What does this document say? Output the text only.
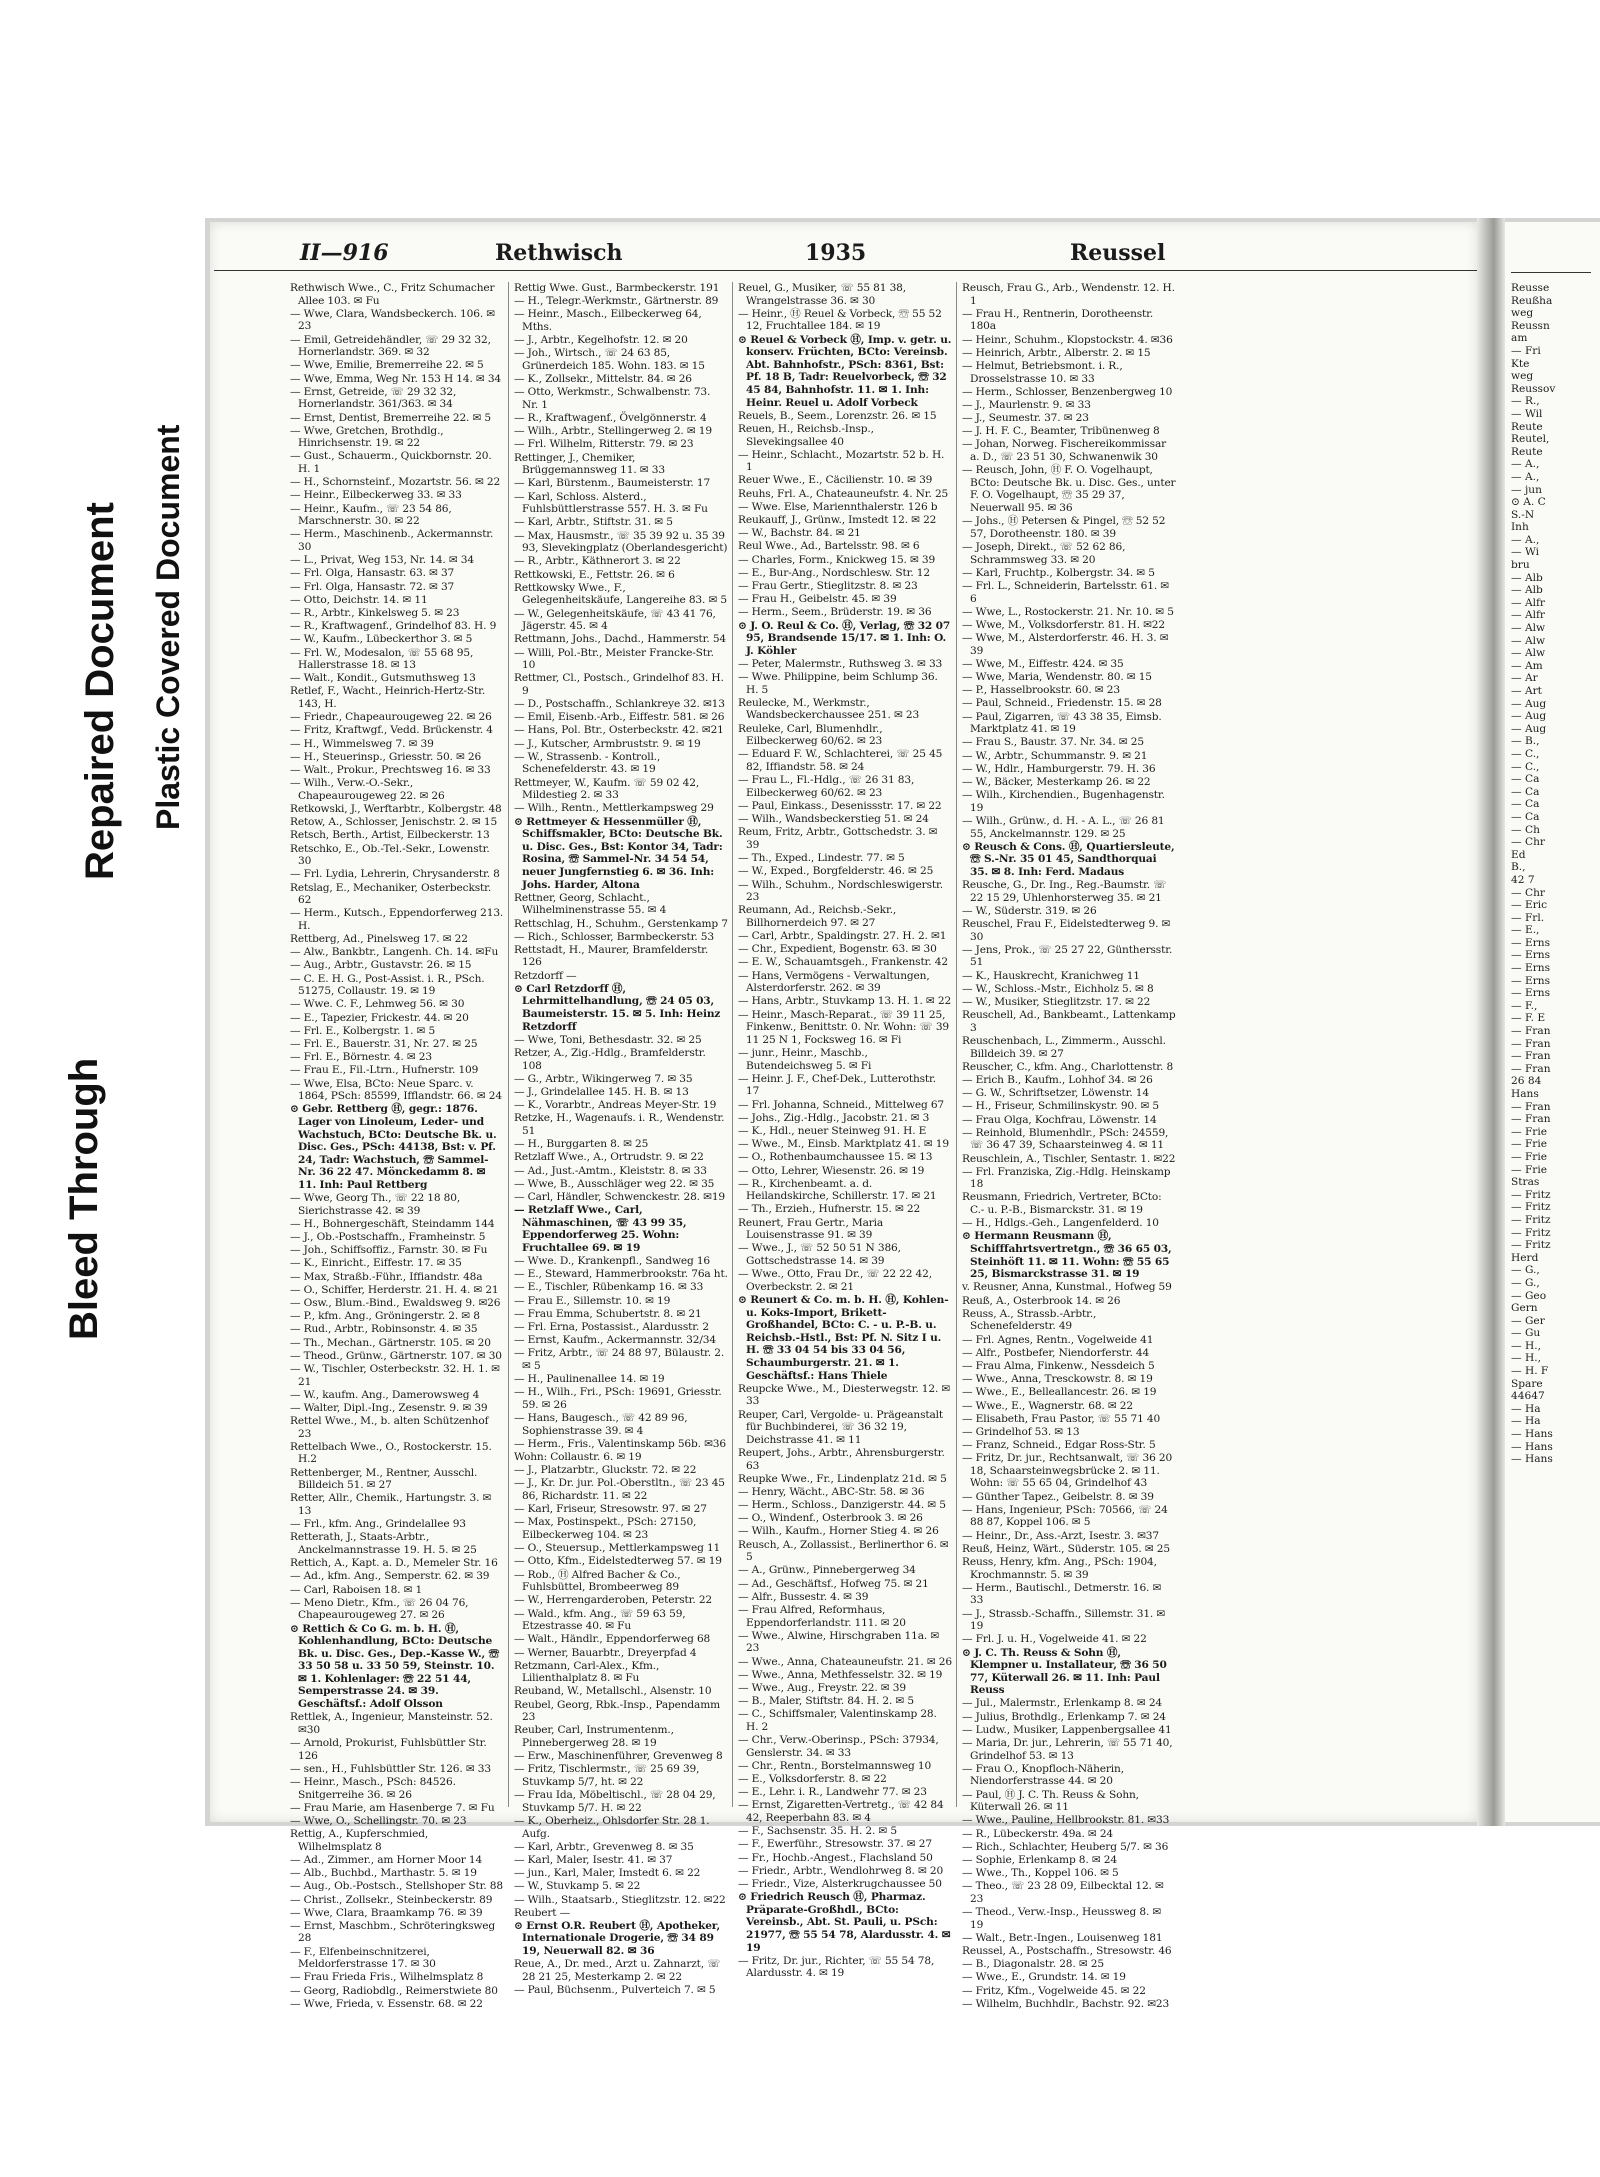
Bleed Through
Repaired Document Plastic Covered Document
II—916	Rethwisch	1935	Reussel
Rethwisch Wwe., C., Fritz Schumacher Allee 103. ✉ Fu
— Wwe, Clara, Wandsbeckerch. 106. ✉23
— Emil, Getreidehändler, ☏ 29 32 32, Hornerlandstr. 369. ✉ 32
— Wwe, Emilie, Bremerreihe 22. ✉ 5
— Wwe, Emma, Weg Nr. 153 H 14. ✉ 34
— Ernst, Getreide, ☏ 29 32 32, Hornerlandstr. 361/363. ✉ 34
— Ernst, Dentist, Bremerreihe 22. ✉ 5
— Wwe, Gretchen, Brothdlg., Hinrichsenstr. 19. ✉ 22
— Gust., Schauerm., Quickbornstr. 20. H. 1
— H., Schornsteinf., Mozartstr. 56. ✉ 22
— Heinr., Eilbeckerweg 33. ✉ 33
— Heinr., Kaufm., ☏ 23 54 86, Marschnerstr. 30. ✉ 22
— Herm., Maschinenb., Ackermannstr. 30
— L., Privat, Weg 153, Nr. 14. ✉ 34
— Frl. Olga, Hansastr. 63. ✉ 37
— Frl. Olga, Hansastr. 72. ✉ 37
— Otto, Deichstr. 14. ✉ 11
— R., Arbtr., Kinkelsweg 5. ✉ 23
— R., Kraftwagenf., Grindelhof 83. H. 9
— W., Kaufm., Lübeckerthor 3. ✉ 5
— Frl. W., Modesalon, ☏ 55 68 95, Hallerstrasse 18. ✉ 13
— Walt., Kondit., Gutsmuthsweg 13
Retlef, F., Wacht., Heinrich-Hertz-Str. 143, H.
— Friedr., Chapeaurougeweg 22. ✉ 26
— Fritz, Kraftwgf., Vedd. Brückenstr. 4
— H., Wimmelsweg 7. ✉ 39
— H., Steuerinsp., Griesstr. 50. ✉ 26
— Walt., Prokur., Prechtsweg 16. ✉ 33
— Wilh., Verw.-O.-Sekr., Chapeaurougeweg 22. ✉ 26
Retkowski, J., Werftarbtr., Kolbergstr. 48
Retow, A., Schlosser, Jenischstr. 2. ✉ 15
Retsch, Berth., Artist, Eilbeckerstr. 13
Retschko, E., Ob.-Tel.-Sekr., Lowenstr. 30
— Frl. Lydia, Lehrerin, Chrysanderstr. 8
Retslag, E., Mechaniker, Osterbeckstr. 62
— Herm., Kutsch., Eppendorferweg 213. H.
Rettberg, Ad., Pinelsweg 17. ✉ 22
— Alw., Bankbtr., Langenh. Ch. 14. ✉Fu
— Aug., Arbtr., Gustavstr. 26. ✉ 15
— C. E. H. G., Post-Assist. i. R., PSch. 51275, Collaustr. 19. ✉ 19
— Wwe. C. F., Lehmweg 56. ✉ 30
— E., Tapezier, Frickestr. 44. ✉ 20
— Frl. E., Kolbergstr. 1. ✉ 5
— Frl. E., Bauerstr. 31, Nr. 27. ✉ 25
— Frl. E., Börnestr. 4. ✉ 23
— Frau E., Fil.-Ltrn., Hufnerstr. 109
— Wwe, Elsa, BCto: Neue Sparc. v. 1864, PSch: 85599, Ifflandstr. 66. ✉ 24
⊙ Gebr. Rettberg Ⓗ, gegr.: 1876. Lager von Linoleum, Leder- und Wachstuch, BCto: Deutsche Bk. u. Disc. Ges., PSch: 44138, Bst: v. Pf. 24, Tadr: Wachstuch, ☏ Sammel-Nr. 36 22 47. Mönckedamm 8. ✉ 11. Inh: Paul Rettberg
— Wwe, Georg Th., ☏ 22 18 80, Sierichstrasse 42. ✉ 39
— H., Bohnergeschäft, Steindamm 144
— J., Ob.-Postschaffn., Framheinstr. 5
— Joh., Schiffsoffiz., Farnstr. 30. ✉ Fu
— K., Einricht., Eiffestr. 17. ✉ 35
— Max, Straßb.-Führ., Iffiandstr. 48a
— O., Schiffer, Herderstr. 21. H. 4. ✉ 21
— Osw., Blum.-Bind., Ewaldsweg 9. ✉26
— P., kfm. Ang., Gröningerstr. 2. ✉ 8
— Rud., Arbtr., Robinsonstr. 4. ✉ 35
— Th., Mechan., Gärtnerstr. 105. ✉ 20
— Theod., Grünw., Gärtnerstr. 107. ✉ 30
— W., Tischler, Osterbeckstr. 32. H. 1. ✉21
— W., kaufm. Ang., Damerowsweg 4
— Walter, Dipl.-Ing., Zesenstr. 9. ✉ 39
Rettel Wwe., M., b. alten Schützenhof 23
Rettelbach Wwe., O., Rostockerstr. 15. H.2
Rettenberger, M., Rentner, Ausschl. Billdeich 51. ✉ 27
Retter, Allr., Chemik., Hartungstr. 3. ✉13
— Frl., kfm. Ang., Grindelallee 93
Retterath, J., Staats-Arbtr., Anckelmannstrasse 19. H. 5. ✉ 25
Rettich, A., Kapt. a. D., Memeler Str. 16
— Ad., kfm. Ang., Semperstr. 62. ✉ 39
— Carl, Raboisen 18. ✉ 1
— Meno Dietr., Kfm., ☏ 26 04 76, Chapeaurougeweg 27. ✉ 26
⊙ Rettich & Co G. m. b. H. Ⓗ, Kohlenhandlung, BCto: Deutsche Bk. u. Disc. Ges., Dep.-Kasse W., ☏ 33 50 58 u. 33 50 59, Steinstr. 10. ✉ 1. Kohlenlager: ☏ 22 51 44, Semperstrasse 24. ✉ 39. Geschäftsf.: Adolf Olsson
Rettlek, A., Ingenieur, Mansteinstr. 52. ✉30
— Arnold, Prokurist, Fuhlsbüttler Str. 126
— sen., H., Fuhlsbüttler Str. 126. ✉ 33
— Heinr., Masch., PSch: 84526. Snitgerreihe 36. ✉ 26
— Frau Marie, am Hasenberge 7. ✉ Fu
— Wwe, O., Schellingstr. 70. ✉ 23
Rettig, A., Kupferschmied, Wilhelmsplatz 8
— Ad., Zimmer., am Horner Moor 14
— Alb., Buchbd., Marthastr. 5. ✉ 19
— Aug., Ob.-Postsch., Stellshoper Str. 88
— Christ., Zollsekr., Steinbeckerstr. 89
— Wwe, Clara, Braamkamp 76. ✉ 39
— Ernst, Maschbm., Schröteringksweg 28
— F., Elfenbeinschnitzerei, Meldorferstrasse 17. ✉ 30
— Frau Frieda Fris., Wilhelmsplatz 8
— Georg, Radiobdlg., Reimerstwiete 80
— Wwe, Frieda, v. Essenstr. 68. ✉ 22
Rettig Wwe. Gust., Barmbeckerstr. 191
— H., Telegr.-Werkmstr., Gärtnerstr. 89
— Heinr., Masch., Eilbeckerweg 64, Mths.
— J., Arbtr., Kegelhofstr. 12. ✉ 20
— Joh., Wirtsch., ☏ 24 63 85, Grünerdeich 185. Wohn. 183. ✉ 15
— K., Zollsekr., Mittelstr. 84. ✉ 26
— Otto, Werkmstr., Schwalbenstr. 73. Nr. 1
— R., Kraftwagenf., Övelgönnerstr. 4
— Wilh., Arbtr., Stellingerweg 2. ✉ 19
— Frl. Wilhelm, Ritterstr. 79. ✉ 23
Rettinger, J., Chemiker, Brüggemannsweg 11. ✉ 33
— Karl, Bürstenm., Baumeisterstr. 17
— Karl, Schloss. Alsterd., Fuhlsbüttlerstrasse 557. H. 3. ✉ Fu
— Karl, Arbtr., Stiftstr. 31. ✉ 5
— Max, Hausmstr., ☏ 35 39 92 u. 35 39 93, Slevekingplatz (Oberlandesgericht)
— R., Arbtr., Käthnerort 3. ✉ 22
Rettkowski, E., Fettstr. 26. ✉ 6
Rettkowsky Wwe., F., Gelegenheitskäufe, Langereihe 83. ✉ 5
— W., Gelegenheitskäufe, ☏ 43 41 76, Jägerstr. 45. ✉ 4
Rettmann, Johs., Dachd., Hammerstr. 54
— Willi, Pol.-Btr., Meister Francke-Str. 10
Rettmer, Cl., Postsch., Grindelhof 83. H. 9
— D., Postschaffn., Schlankreye 32. ✉13
— Emil, Eisenb.-Arb., Eiffestr. 581. ✉ 26
— Hans, Pol. Btr., Osterbeckstr. 42. ✉21
— J., Kutscher, Armbruststr. 9. ✉ 19
— W., Strassenb. - Kontroll., Schenefelderstr. 43. ✉ 19
Rettmeyer, W., Kaufm. ☏ 59 02 42, Mildestieg 2. ✉ 33
— Wilh., Rentn., Mettlerkampsweg 29
⊙ Rettmeyer & Hessenmüller Ⓗ, Schiffsmakler, BCto: Deutsche Bk. u. Disc. Ges., Bst: Kontor 34, Tadr: Rosina, ☏ Sammel-Nr. 34 54 54, neuer Jungfernstieg 6. ✉ 36. Inh: Johs. Harder, Altona
Rettner, Georg, Schlacht., Wilhelminenstrasse 55. ✉ 4
Rettschlag, H., Schuhm., Gerstenkamp 7
— Rich., Schlosser, Barmbeckerstr. 53
Rettstadt, H., Maurer, Bramfelderstr. 126
Retzdorff —
⊙ Carl Retzdorff Ⓗ, Lehrmittelhandlung, ☏ 24 05 03, Baumeisterstr. 15. ✉ 5. Inh: Heinz Retzdorff
— Wwe, Toni, Bethesdastr. 32. ✉ 25
Retzer, A., Zig.-Hdlg., Bramfelderstr. 108
— G., Arbtr., Wikingerweg 7. ✉ 35
— J., Grindelallee 145. H. B. ✉ 13
— K., Vorarbtr., Andreas Meyer-Str. 19
Retzke, H., Wagenaufs. i. R., Wendenstr. 51
— H., Burggarten 8. ✉ 25
Retzlaff Wwe., A., Ortrudstr. 9. ✉ 22
— Ad., Just.-Amtm., Kleiststr. 8. ✉ 33
— Wwe, B., Ausschläger weg 22. ✉ 35
— Carl, Händler, Schwenckestr. 28. ✉19
— Retzlaff Wwe., Carl, Nähmaschinen, ☏ 43 99 35, Eppendorferweg 25. Wohn: Fruchtallee 69. ✉ 19
— Wwe. D., Krankenpfl., Sandweg 16
— E., Steward, Hammerbrookstr. 76a ht.
— E., Tischler, Rübenkamp 16. ✉ 33
— Frau E., Sillemstr. 10. ✉ 19
— Frau Emma, Schubertstr. 8. ✉ 21
— Frl. Erna, Postassist., Alardusstr. 2
— Ernst, Kaufm., Ackermannstr. 32/34
— Fritz, Arbtr., ☏ 24 88 97, Bülaustr. 2. ✉ 5
— H., Paulinenallee 14. ✉ 19
— H., Wilh., Fri., PSch: 19691, Griesstr. 59. ✉ 26
— Hans, Baugesch., ☏ 42 89 96, Sophienstrasse 39. ✉ 4
— Herm., Fris., Valentinskamp 56b. ✉36
Wohn: Collaustr. 6. ✉ 19
— J., Platzarbtr., Gluckstr. 72. ✉ 22
— J., Kr. Dr. jur. Pol.-Oberstltn., ☏ 23 45 86, Richardstr. 11. ✉ 22
— Karl, Friseur, Stresowstr. 97. ✉ 27
— Max, Postinspekt., PSch: 27150, Eilbeckerweg 104. ✉ 23
— O., Steuersup., Mettlerkampsweg 11
— Otto, Kfm., Eidelstedterweg 57. ✉ 19
— Rob., Ⓗ Alfred Bacher & Co., Fuhlsbüttel, Brombeerweg 89
— W., Herrengarderoben, Peterstr. 22
— Wald., kfm. Ang., ☏ 59 63 59, Etzestrasse 40. ✉ Fu
— Walt., Händlr., Eppendorferweg 68
— Werner, Bauarbtr., Dreyerpfad 4
Retzmann, Carl-Alex., Kfm., Lilienthalplatz 8. ✉ Fu
Reuband, W., Metallschl., Alsenstr. 10
Reubel, Georg, Rbk.-Insp., Papendamm 23
Reuber, Carl, Instrumentenm., Pinnebergerweg 28. ✉ 19
— Erw., Maschinenführer, Grevenweg 8
— Fritz, Tischlermstr., ☏ 25 69 39, Stuvkamp 5/7, ht. ✉ 22
— Frau Ida, Möbeltischl., ☏ 28 04 29, Stuvkamp 5/7. H. ✉ 22
— K., Oberheiz., Ohlsdorfer Str. 28 1. Aufg.
— Karl, Arbtr., Grevenweg 8. ✉ 35
— Karl, Maler, Isestr. 41. ✉ 37
— jun., Karl, Maler, Imstedt 6. ✉ 22
— W., Stuvkamp 5. ✉ 22
— Wilh., Staatsarb., Stieglitzstr. 12. ✉22
Reubert —
⊙ Ernst O.R. Reubert Ⓗ, Apotheker, Internationale Drogerie, ☏ 34 89 19, Neuerwall 82. ✉ 36
Reue, A., Dr. med., Arzt u. Zahnarzt, ☏ 28 21 25, Mesterkamp 2. ✉ 22
— Paul, Büchsenm., Pulverteich 7. ✉ 5
Reuel, G., Musiker, ☏ 55 81 38, Wrangelstrasse 36. ✉ 30
— Heinr., Ⓗ Reuel & Vorbeck, ☏ 55 52 12, Fruchtallee 184. ✉ 19
⊙ Reuel & Vorbeck Ⓗ, Imp. v. getr. u. konserv. Früchten, BCto: Vereinsb. Abt. Bahnhofstr., PSch: 8361, Bst: Pf. 18 B, Tadr: Reuelvorbeck, ☏ 32 45 84, Bahnhofstr. 11. ✉ 1. Inh: Heinr. Reuel u. Adolf Vorbeck
Reuels, B., Seem., Lorenzstr. 26. ✉ 15
Reuen, H., Reichsb.-Insp., Slevekingsallee 40
— Heinr., Schlacht., Mozartstr. 52 b. H. 1
Reuer Wwe., E., Cäcilienstr. 10. ✉ 39
Reuhs, Frl. A., Chateauneufstr. 4. Nr. 25
— Wwe. Else, Mariennthalerstr. 126 b
Reukauff, J., Grünw., Imstedt 12. ✉ 22
— W., Bachstr. 84. ✉ 21
Reul Wwe., Ad., Bartelsstr. 98. ✉ 6
— Charles, Form., Knickweg 15. ✉ 39
— E., Bur-Ang., Nordschlesw. Str. 12
— Frau Gertr., Stieglitzstr. 8. ✉ 23
— Frau H., Geibelstr. 45. ✉ 39
— Herm., Seem., Brüderstr. 19. ✉ 36
⊙ J. O. Reul & Co. Ⓗ, Verlag, ☏ 32 07 95, Brandsende 15/17. ✉ 1. Inh: O. J. Köhler
— Peter, Malermstr., Ruthsweg 3. ✉ 33
— Wwe. Philippine, beim Schlump 36. H. 5
Reulecke, M., Werkmstr., Wandsbeckerchaussee 251. ✉ 23
Reuleke, Carl, Blumenhdlr., Eilbeckerweg 60/62. ✉ 23
— Eduard F. W., Schlachterei, ☏ 25 45 82, Iffiandstr. 58. ✉ 24
— Frau L., Fl.-Hdlg., ☏ 26 31 83, Eilbeckerweg 60/62. ✉ 23
— Paul, Einkass., Desenissstr. 17. ✉ 22
— Wilh., Wandsbeckerstieg 51. ✉ 24
Reum, Fritz, Arbtr., Gottschedstr. 3. ✉ 39
— Th., Exped., Lindestr. 77. ✉ 5
— W., Exped., Borgfelderstr. 46. ✉ 25
— Wilh., Schuhm., Nordschleswigerstr. 23
Reumann, Ad., Reichsb.-Sekr., Billhornerdeich 97. ✉ 27
— Carl, Arbtr., Spaldingstr. 27. H. 2. ✉1
— Chr., Expedient, Bogenstr. 63. ✉ 30
— E. W., Schauamtsgeh., Frankenstr. 42
— Hans, Vermögens - Verwaltungen, Alsterdorferstr. 262. ✉ 39
— Hans, Arbtr., Stuvkamp 13. H. 1. ✉ 22
— Heinr., Masch-Reparat., ☏ 39 11 25, Finkenw., Benittstr. 0. Nr. Wohn: ☏ 39 11 25 N 1, Focksweg 16. ✉ Fi
— junr., Heinr., Maschb., Butendeichsweg 5. ✉ Fi
— Heinr. J. F., Chef-Dek., Lutterothstr. 17
— Frl. Johanna, Schneid., Mittelweg 67
— Johs., Zig.-Hdlg., Jacobstr. 21. ✉ 3
— K., Hdl., neuer Steinweg 91. H. E
— Wwe., M., Einsb. Marktplatz 41. ✉ 19
— O., Rothenbaumchaussee 15. ✉ 13
— Otto, Lehrer, Wiesenstr. 26. ✉ 19
— R., Kirchenbeamt. a. d. Heilandskirche, Schillerstr. 17. ✉ 21
— Th., Erzieh., Hufnerstr. 15. ✉ 22
Reunert, Frau Gertr., Maria Louisenstrasse 91. ✉ 39
— Wwe., J., ☏ 52 50 51 N 386, Gottschedstrasse 14. ✉ 39
— Wwe., Otto, Frau Dr., ☏ 22 22 42, Overbeckstr. 2. ✉ 21
⊙ Reunert & Co. m. b. H. Ⓗ, Kohlen- u. Koks-Import, Brikett-Großhandel, BCto: C. - u. P.-B. u. Reichsb.-Hstl., Bst: Pf. N. Sitz I u. H. ☏ 33 04 54 bis 33 04 56, Schaumburgerstr. 21. ✉ 1. Geschäftsf.: Hans Thiele
Reupcke Wwe., M., Diesterwegstr. 12. ✉ 33
Reuper, Carl, Vergolde- u. Prägeanstalt für Buchbinderei, ☏ 36 32 19, Deichstrasse 41. ✉ 11
Reupert, Johs., Arbtr., Ahrensburgerstr. 63
Reupke Wwe., Fr., Lindenplatz 21d. ✉ 5
— Henry, Wächt., ABC-Str. 58. ✉ 36
— Herm., Schloss., Danzigerstr. 44. ✉ 5
— O., Windenf., Osterbrook 3. ✉ 26
— Wilh., Kaufm., Horner Stieg 4. ✉ 26
Reusch, A., Zollassist., Berlinerthor 6. ✉ 5
— A., Grünw., Pinnebergerweg 34
— Ad., Geschäftsf., Hofweg 75. ✉ 21
— Alfr., Bussestr. 4. ✉ 39
— Frau Alfred, Reformhaus, Eppendorferlandstr. 111. ✉ 20
— Wwe., Alwine, Hirschgraben 11a. ✉ 23
— Wwe., Anna, Chateauneufstr. 21. ✉ 26
— Wwe., Anna, Methfesselstr. 32. ✉ 19
— Wwe., Aug., Freystr. 22. ✉ 39
— B., Maler, Stiftstr. 84. H. 2. ✉ 5
— C., Schiffsmaler, Valentinskamp 28. H. 2
— Chr., Verw.-Oberinsp., PSch: 37934, Genslerstr. 34. ✉ 33
— Chr., Rentn., Borstelmannsweg 10
— E., Volksdorferstr. 8. ✉ 22
— E., Lehr. i. R., Landwehr 77. ✉ 23
— Ernst, Zigaretten-Vertretg., ☏ 42 84 42, Reeperbahn 83. ✉ 4
— F., Sachsenstr. 35. H. 2. ✉ 5
— F., Ewerführ., Stresowstr. 37. ✉ 27
— Fr., Hochb.-Angest., Flachsland 50
— Friedr., Arbtr., Wendlohrweg 8. ✉ 20
— Friedr., Vize, Alsterkrugchaussee 50
⊙ Friedrich Reusch Ⓗ, Pharmaz. Präparate-Großhdl., BCto: Vereinsb., Abt. St. Pauli, u. PSch: 21977, ☏ 55 54 78, Alardusstr. 4. ✉ 19
— Fritz, Dr. jur., Richter, ☏ 55 54 78, Alardusstr. 4. ✉ 19
Reusch, Frau G., Arb., Wendenstr. 12. H. 1
— Frau H., Rentnerin, Dorotheenstr. 180a
— Heinr., Schuhm., Klopstockstr. 4. ✉36
— Heinrich, Arbtr., Alberstr. 2. ✉ 15
— Helmut, Betriebsmont. i. R., Drosselstrasse 10. ✉ 33
— Herm., Schlosser, Benzenbergweg 10
— J., Maurlenstr. 9. ✉ 33
— J., Seumestr. 37. ✉ 23
— J. H. F. C., Beamter, Tribünenweg 8
— Johan, Norweg. Fischereikommissar a. D., ☏ 23 51 30, Schwanenwik 30
— Reusch, John, Ⓗ F. O. Vogelhaupt, BCto: Deutsche Bk. u. Disc. Ges., unter F. O. Vogelhaupt, ☏ 35 29 37, Neuerwall 95. ✉ 36
— Johs., Ⓗ Petersen & Pingel, ☏ 52 52 57, Dorotheenstr. 180. ✉ 39
— Joseph, Direkt., ☏ 52 62 86, Schrammsweg 33. ✉ 20
— Karl, Fruchtp., Kolbergstr. 34. ✉ 5
— Frl. L., Schneiderin, Bartelsstr. 61. ✉ 6
— Wwe, L., Rostockerstr. 21. Nr. 10. ✉ 5
— Wwe, M., Volksdorferstr. 81. H. ✉22
— Wwe, M., Alsterdorferstr. 46. H. 3. ✉39
— Wwe, M., Eiffestr. 424. ✉ 35
— Wwe, Maria, Wendenstr. 80. ✉ 15
— P., Hasselbrookstr. 60. ✉ 23
— Paul, Schneid., Friedenstr. 15. ✉ 28
— Paul, Zigarren, ☏ 43 38 35, Eimsb. Marktplatz 41. ✉ 19
— Frau S., Baustr. 37. Nr. 34. ✉ 25
— W., Arbtr., Schummanstr. 9. ✉ 21
— W., Hdlr., Hamburgerstr. 79. H. 36
— W., Bäcker, Mesterkamp 26. ✉ 22
— Wilh., Kirchendien., Bugenhagenstr. 19
— Wilh., Grünw., d. H. - A. L., ☏ 26 81 55, Anckelmannstr. 129. ✉ 25
⊙ Reusch & Cons. Ⓗ, Quartiersleute, ☏ S.-Nr. 35 01 45, Sandthorquai 35. ✉ 8. Inh: Ferd. Madaus
Reusche, G., Dr. Ing., Reg.-Baumstr. ☏ 22 15 29, Uhlenhorsterweg 35. ✉ 21
— W., Süderstr. 319. ✉ 26
Reuschel, Frau F., Eidelstedterweg 9. ✉30
— Jens, Prok., ☏ 25 27 22, Günthersstr. 51
— K., Hauskrecht, Kranichweg 11
— W., Schloss.-Mstr., Eichholz 5. ✉ 8
— W., Musiker, Stieglitzstr. 17. ✉ 22
Reuschell, Ad., Bankbeamt., Lattenkamp 3
Reuschenbach, L., Zimmerm., Ausschl. Billdeich 39. ✉ 27
Reuscher, C., kfm. Ang., Charlottenstr. 8
— Erich B., Kaufm., Lohhof 34. ✉ 26
— G. W., Schriftsetzer, Löwenstr. 14
— H., Friseur, Schmilinskystr. 90. ✉ 5
— Frau Olga, Kochfrau, Löwenstr. 14
— Reinhold, Blumenhdlr., PSch: 24559, ☏ 36 47 39, Schaarsteinweg 4. ✉ 11
Reuschlein, A., Tischler, Sentastr. 1. ✉22
— Frl. Franziska, Zig.-Hdlg. Heinskamp 18
Reusmann, Friedrich, Vertreter, BCto: C.- u. P.-B., Bismarckstr. 31. ✉ 19
— H., Hdlgs.-Geh., Langenfelderd. 10
⊙ Hermann Reusmann Ⓗ, Schifffahrtsvertretgn., ☏ 36 65 03, Steinhöft 11. ✉ 11. Wohn: ☏ 55 65 25, Bismarckstrasse 31. ✉ 19
v. Reusner, Anna, Kunstmal., Hofweg 59
Reuß, A., Osterbrook 14. ✉ 26
Reuss, A., Strassb.-Arbtr., Schenefelderstr. 49
— Frl. Agnes, Rentn., Vogelweide 41
— Alfr., Postbefer, Niendorferstr. 44
— Frau Alma, Finkenw., Nessdeich 5
— Wwe., Anna, Tresckowstr. 8. ✉ 19
— Wwe., E., Belleallancestr. 26. ✉ 19
— Wwe., E., Wagnerstr. 68. ✉ 22
— Elisabeth, Frau Pastor, ☏ 55 71 40
— Grindelhof 53. ✉ 13
— Franz, Schneid., Edgar Ross-Str. 5
— Fritz, Dr. jur., Rechtsanwalt, ☏ 36 20 18, Schaarsteinwegsbrücke 2. ✉ 11. Wohn: ☏ 55 65 04, Grindelhof 43
— Günther Tapez., Geibelstr. 8. ✉ 39
— Hans, Ingenieur, PSch: 70566, ☏ 24 88 87, Koppel 106. ✉ 5
— Heinr., Dr., Ass.-Arzt, Isestr. 3. ✉37
Reuß, Heinz, Wärt., Süderstr. 105. ✉ 25
Reuss, Henry, kfm. Ang., PSch: 1904, Krochmannstr. 5. ✉ 39
— Herm., Bautischl., Detmerstr. 16. ✉ 33
— J., Strassb.-Schaffn., Sillemstr. 31. ✉19
— Frl. J. u. H., Vogelweide 41. ✉ 22
⊙ J. C. Th. Reuss & Sohn Ⓗ, Klempner u. Installateur, ☏ 36 50 77, Küterwall 26. ✉ 11. Inh: Paul Reuss
— Jul., Malermstr., Erlenkamp 8. ✉ 24
— Julius, Brothdlg., Erlenkamp 7. ✉ 24
— Ludw., Musiker, Lappenbergsallee 41
— Maria, Dr. jur., Lehrerin, ☏ 55 71 40, Grindelhof 53. ✉ 13
— Frau O., Knopfloch-Näherin, Niendorferstrasse 44. ✉ 20
— Paul, Ⓗ J. C. Th. Reuss & Sohn, Küterwall 26. ✉ 11
— Wwe., Pauline, Hellbrookstr. 81. ✉33
— R., Lübeckerstr. 49a. ✉ 24
— Rich., Schlachter, Heuberg 5/7. ✉ 36
— Sophie, Erlenkamp 8. ✉ 24
— Wwe., Th., Koppel 106. ✉ 5
— Theo., ☏ 23 28 09, Eilbecktal 12. ✉23
— Theod., Verw.-Insp., Heussweg 8. ✉ 19
— Walt., Betr.-Ingen., Louisenweg 181
Reussel, A., Postschaffn., Stresowstr. 46
— B., Diagonalstr. 28. ✉ 25
— Wwe., E., Grundstr. 14. ✉ 19
— Fritz, Kfm., Vogelweide 45. ✉ 22
— Wilhelm, Buchhdlr., Bachstr. 92. ✉23
Reusse
Reußha
weg
Reussn
am
— Fri
Kte
weg
Reussov
— R.,
— Wil
Reute
Reutel,
Reute
— A.,
— A.,
— jun
⊙ A. C
S.-N
Inh
— A.,
— Wi
bru
— Alb
— Alb
— Alfr
— Alfr
— Alw
— Alw
— Alw
— Am
— Ar
— Art
— Aug
— Aug
— Aug
— B.,
— C.,
— C.,
— Ca
— Ca
— Ca
— Ca
— Ch
— Chr
Ed
B.,
42 7
— Chr
— Eric
— Frl.
— E.,
— Erns
— Erns
— Erns
— Erns
— Erns
— F.,
— F. E
— Fran
— Fran
— Fran
— Fran
26 84
Hans
— Fran
— Fran
— Frie
— Frie
— Frie
— Frie
Stras
— Fritz
— Fritz
— Fritz
— Fritz
— Fritz
Herd
— G.,
— G.,
— Geo
Gern
— Ger
— Gu
— H.,
— H.,
— H. F
Spare
44647
— Ha
— Ha
— Hans
— Hans
— Hans
